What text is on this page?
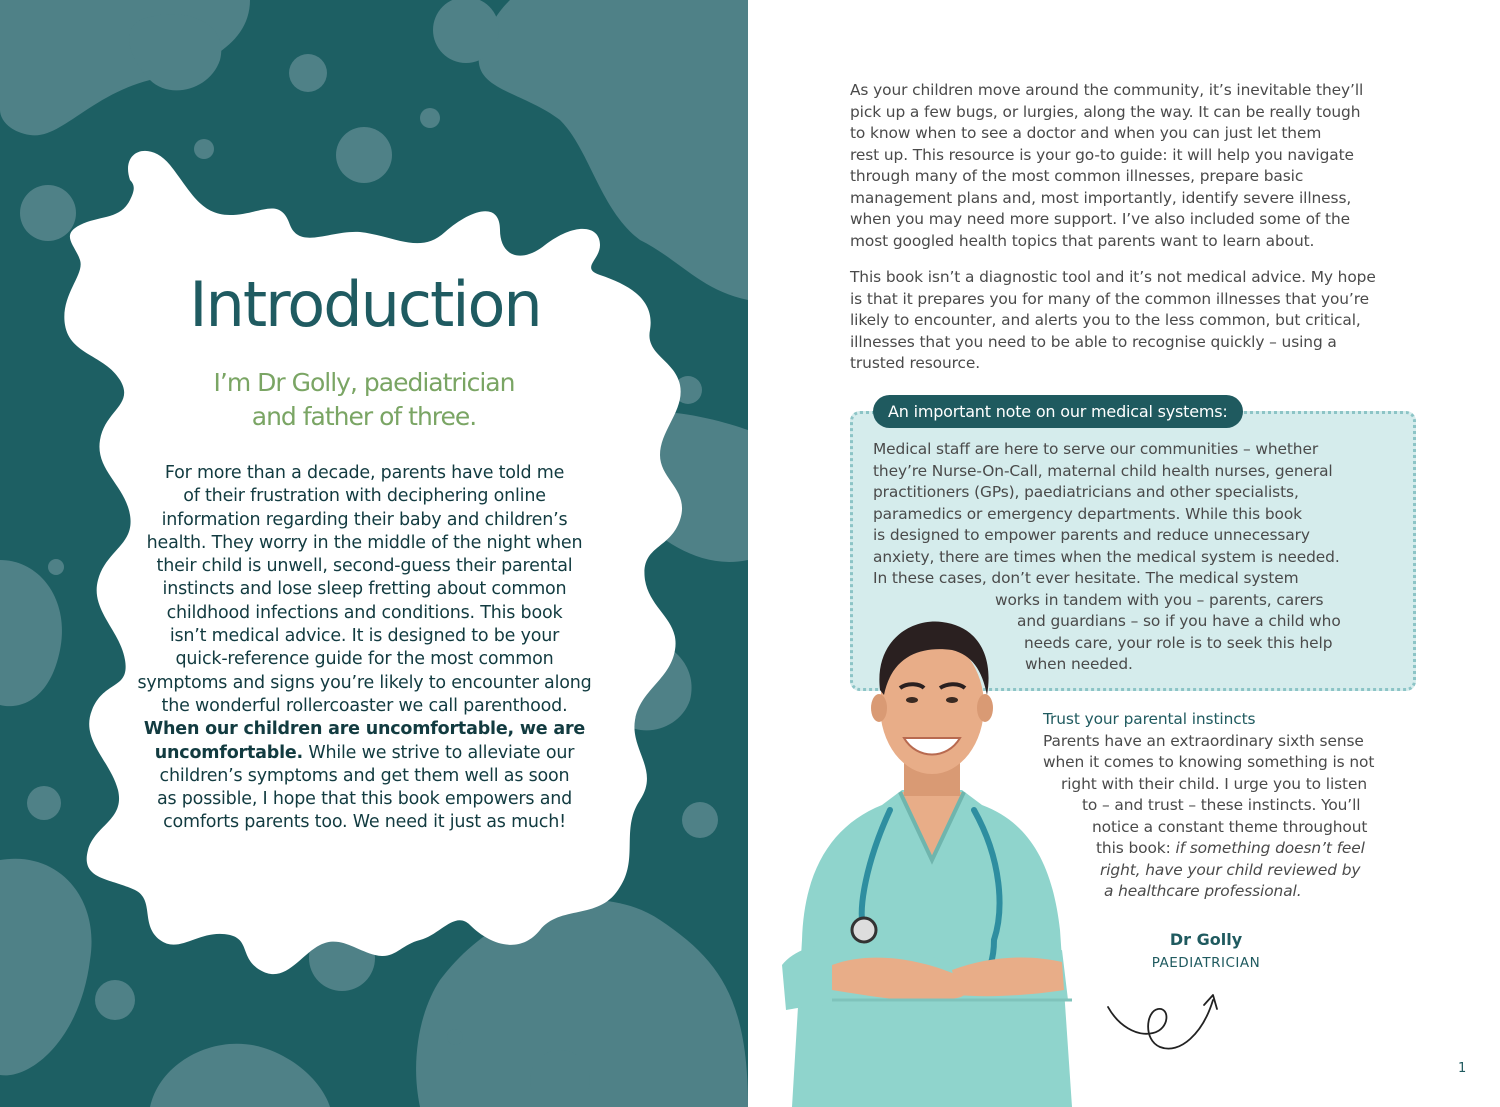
Introduction
I’m Dr Golly, paediatrician
and father of three.
For more than a decade, parents have told me
of their frustration with deciphering online
information regarding their baby and children’s
health. They worry in the middle of the night when
their child is unwell, second-guess their parental
instincts and lose sleep fretting about common
childhood infections and conditions. This book
isn’t medical advice. It is designed to be your
quick-reference guide for the most common
symptoms and signs you’re likely to encounter along
the wonderful rollercoaster we call parenthood.
When our children are uncomfortable, we are
uncomfortable. While we strive to alleviate our
children’s symptoms and get them well as soon
as possible, I hope that this book empowers and
comforts parents too. We need it just as much!
As your children move around the community, it’s inevitable they’ll
pick up a few bugs, or lurgies, along the way. It can be really tough
to know when to see a doctor and when you can just let them
rest up. This resource is your go-to guide: it will help you navigate
through many of the most common illnesses, prepare basic
management plans and, most importantly, identify severe illness,
when you may need more support. I’ve also included some of the
most googled health topics that parents want to learn about.
This book isn’t a diagnostic tool and it’s not medical advice. My hope
is that it prepares you for many of the common illnesses that you’re
likely to encounter, and alerts you to the less common, but critical,
illnesses that you need to be able to recognise quickly – using a
trusted resource.
An important note on our medical systems:
Medical staff are here to serve our communities – whether
they’re Nurse-On-Call, maternal child health nurses, general
practitioners (GPs), paediatricians and other specialists,
paramedics or emergency departments. While this book
is designed to empower parents and reduce unnecessary
anxiety, there are times when the medical system is needed.
In these cases, don’t ever hesitate. The medical system
works in tandem with you – parents, carers
and guardians – so if you have a child who
needs care, your role is to seek this help
when needed.
Trust your parental instincts
Parents have an extraordinary sixth sense
when it comes to knowing something is not
right with their child. I urge you to listen
to – and trust – these instincts. You’ll
notice a constant theme throughout
this book: if something doesn’t feel
right, have your child reviewed by
a healthcare professional.
Dr Golly
PAEDIATRICIAN
1
